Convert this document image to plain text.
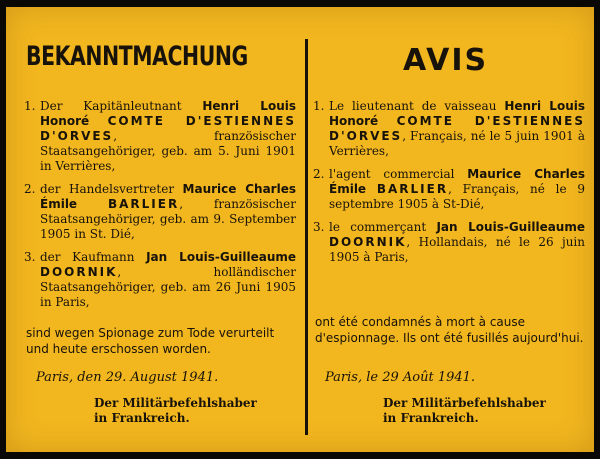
BEKANNTMACHUNG
1. Der Kapitänleutnant Henri Louis Honoré COMTE D'ESTIENNES D'ORVES, französischer Staatsangehöriger, geb. am 5. Juni 1901 in Verrières,
2. der Handelsvertreter Maurice Charles Émile	BARLIER, französischer Staatsangehöriger, geb. am 9. September 1905 in St. Dié,
3. der Kaufmann Jan Louis-Guilleaume DOORNIK, holländischer Staatsangehöriger, geb. am 26 Juni 1905 in Paris,
sind wegen Spionage zum Tode verurteilt und heute erschossen worden.
Paris, den 29. August 1941.
Der Militärbefehlshaber
in Frankreich.
AVIS
1. Le lieutenant de vaisseau Henri Louis Honoré COMTE D'ESTIENNES D'ORVES, Français, né le 5 juin 1901 à Verrières,
2. l'agent commercial Maurice Charles Émile BARLIER, Français, né le 9 septembre 1905 à St-Dié,
3. le commerçant Jan Louis-Guilleaume DOORNIK, Hollandais, né le 26 juin 1905 à Paris,
ont été condamnés à mort à cause d'espionnage. Ils ont été fusillés aujourd'hui.
Paris, le 29 Août 1941.
Der Militärbefehlshaber
in Frankreich.
